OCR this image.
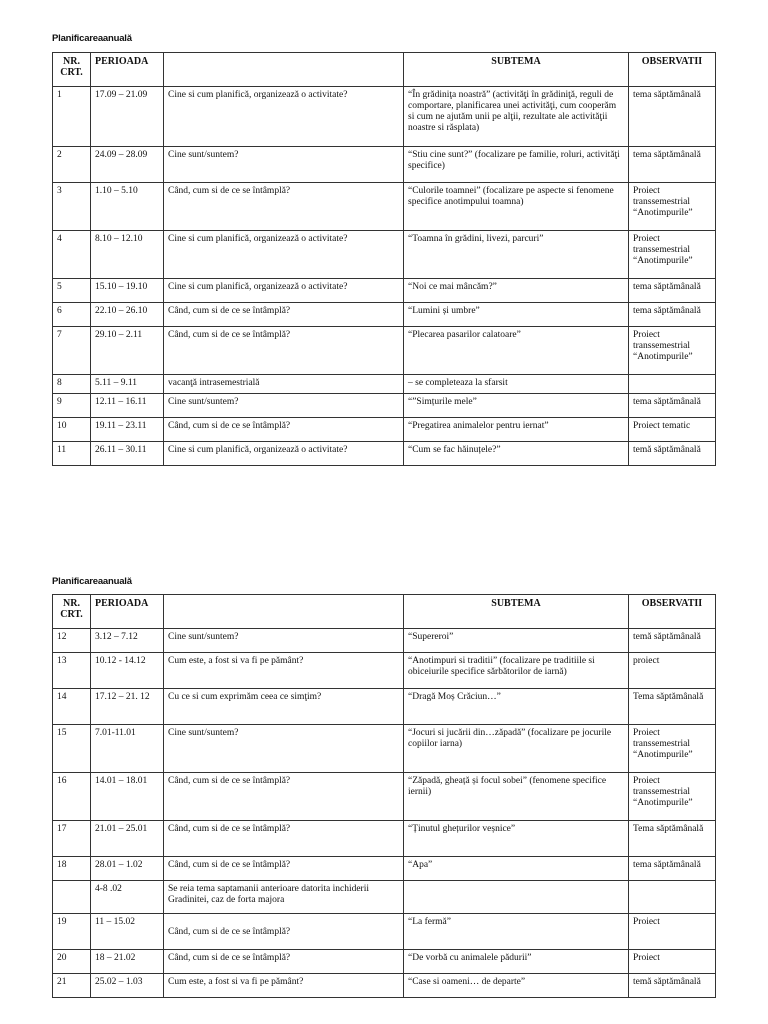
Planificareaanuală
NR. CRT.	PERIOADA		SUBTEMA	OBSERVATII
1	17.09 – 21.09	Cine si cum planifică, organizează o activitate?	“În grădiniţa noastră” (activităţi în grădiniţă, reguli de comportare, planificarea unei activităţi, cum cooperăm si cum ne ajutăm unii pe alţii, rezultate ale activităţii noastre si răsplata)	tema săptămânală
2	24.09 – 28.09	Cine sunt/suntem?	“Stiu cine sunt?” (focalizare pe familie, roluri, activităţi specifice)	tema săptămânală
3	1.10 – 5.10	Când, cum si de ce se întâmplă?	“Culorile toamnei” (focalizare pe aspecte si fenomene specifice anotimpului toamna)	Proiect transsemestrial “Anotimpurile”
4	8.10 – 12.10	Cine si cum planifică, organizează o activitate?	“Toamna în grădini, livezi, parcuri”	Proiect transsemestrial “Anotimpurile”
5	15.10 – 19.10	Cine si cum planifică, organizează o activitate?	“Noi ce mai mâncăm?”	tema săptămânală
6	22.10 – 26.10	Când, cum si de ce se întâmplă?	“Lumini și umbre”	tema săptămânală
7	29.10 – 2.11	Când, cum si de ce se întâmplă?	“Plecarea pasarilor calatoare”	Proiect transsemestrial “Anotimpurile”
8	5.11 – 9.11	vacanţă intrasemestrială	– se completeaza la sfarsit	
9	12.11 – 16.11	Cine sunt/suntem?	“”Simțurile mele”	tema săptămânală
10	19.11 – 23.11	Când, cum si de ce se întâmplă?	“Pregatirea animalelor pentru iernat”	Proiect tematic
11	26.11 – 30.11	Cine si cum planifică, organizează o activitate?	“Cum se fac hăinuțele?”	temă săptămânală
Planificareaanuală
NR. CRT.	PERIOADA		SUBTEMA	OBSERVATII
12	3.12 – 7.12	Cine sunt/suntem?	“Supereroi”	temă săptămânală
13	10.12 - 14.12	Cum este, a fost si va fi pe pământ?	“Anotimpuri si traditii” (focalizare pe traditiile si obiceiurile specifice sărbătorilor de iarnă)	proiect
14	17.12 – 21. 12	Cu ce si cum exprimăm ceea ce simţim?	“Dragă Moș Crăciun…”	Tema săptămânală
15	7.01-11.01	Cine sunt/suntem?	“Jocuri si jucării din…zăpadă” (focalizare pe jocurile copiilor iarna)	Proiect transsemestrial “Anotimpurile”
16	14.01 – 18.01	Când, cum si de ce se întâmplă?	“Zăpadă, gheață și focul sobei” (fenomene specifice iernii)	Proiect transsemestrial “Anotimpurile”
17	21.01 – 25.01	Când, cum si de ce se întâmplă?	“Ținutul ghețurilor veșnice”	Tema săptămânală
18	28.01 – 1.02	Când, cum si de ce se întâmplă?	“Apa”	tema săptămânală
	4-8 .02	Se reia tema saptamanii anterioare datorita inchiderii Gradinitei, caz de forta majora		
19	11 – 15.02	Când, cum si de ce se întâmplă?	“La fermă”	Proiect
20	18 – 21.02	Când, cum si de ce se întâmplă?	“De vorbă cu animalele pădurii”	Proiect
21	25.02 – 1.03	Cum este, a fost si va fi pe pământ?	“Case si oameni… de departe”	temă săptămânală
